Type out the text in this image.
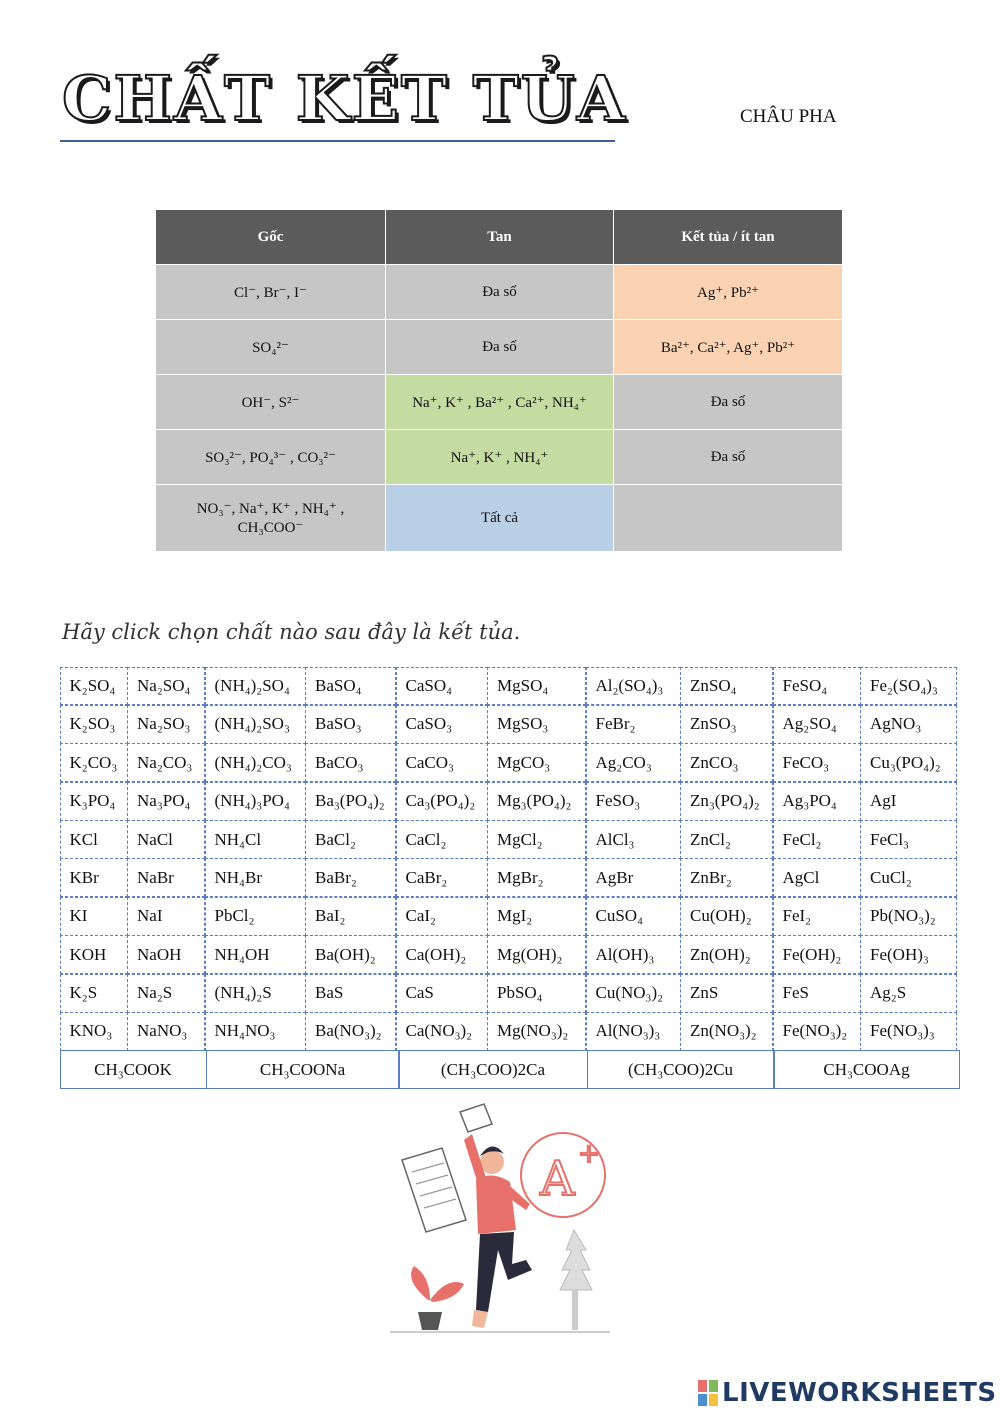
CHẤT KẾT TỦA	CHÂU PHA
Gốc	Tan	Kết tủa / ít tan
Cl⁻, Br⁻, I⁻	Đa số	Ag⁺, Pb²⁺
SO₄²⁻	Đa số	Ba²⁺, Ca²⁺, Ag⁺, Pb²⁺
OH⁻, S²⁻	Na⁺, K⁺ , Ba²⁺ , Ca²⁺, NH₄⁺	Đa số
SO₃²⁻, PO₄³⁻ , CO₃²⁻	Na⁺, K⁺ , NH₄⁺	Đa số
NO₃⁻, Na⁺, K⁺ , NH₄⁺ , CH₃COO⁻	Tất cả	
Hãy click chọn chất nào sau đây là kết tủa.
K₂SO₄	Na₂SO₄	(NH₄)₂SO₄	BaSO₄	CaSO₄	MgSO₄	Al₂(SO₄)₃	ZnSO₄	FeSO₄	Fe₂(SO₄)₃
K₂SO₃	Na₂SO₃	(NH₄)₂SO₃	BaSO₃	CaSO₃	MgSO₃	FeBr₂	ZnSO₃	Ag₂SO₄	AgNO₃
K₂CO₃	Na₂CO₃	(NH₄)₂CO₃	BaCO₃	CaCO₃	MgCO₃	Ag₂CO₃	ZnCO₃	FeCO₃	Cu₃(PO₄)₂
K₃PO₄	Na₃PO₄	(NH₄)₃PO₄	Ba₃(PO₄)₂	Ca₃(PO₄)₂	Mg₃(PO₄)₂	FeSO₃	Zn₃(PO₄)₂	Ag₃PO₄	AgI
KCl	NaCl	NH₄Cl	BaCl₂	CaCl₂	MgCl₂	AlCl₃	ZnCl₂	FeCl₂	FeCl₃
KBr	NaBr	NH₄Br	BaBr₂	CaBr₂	MgBr₂	AgBr	ZnBr₂	AgCl	CuCl₂
KI	NaI	PbCl₂	BaI₂	CaI₂	MgI₂	CuSO₄	Cu(OH)₂	FeI₂	Pb(NO₃)₂
KOH	NaOH	NH₄OH	Ba(OH)₂	Ca(OH)₂	Mg(OH)₂	Al(OH)₃	Zn(OH)₂	Fe(OH)₂	Fe(OH)₃
K₂S	Na₂S	(NH₄)₂S	BaS	CaS	PbSO₄	Cu(NO₃)₂	ZnS	FeS	Ag₂S
KNO₃	NaNO₃	NH₄NO₃	Ba(NO₃)₂	Ca(NO₃)₂	Mg(NO₃)₂	Al(NO₃)₃	Zn(NO₃)₂	Fe(NO₃)₂	Fe(NO₃)₃
CH₃COOK	CH₃COONa	(CH₃COO)2Ca	(CH₃COO)2Cu	CH₃COOAg
A +
LIVEWORKSHEETS
